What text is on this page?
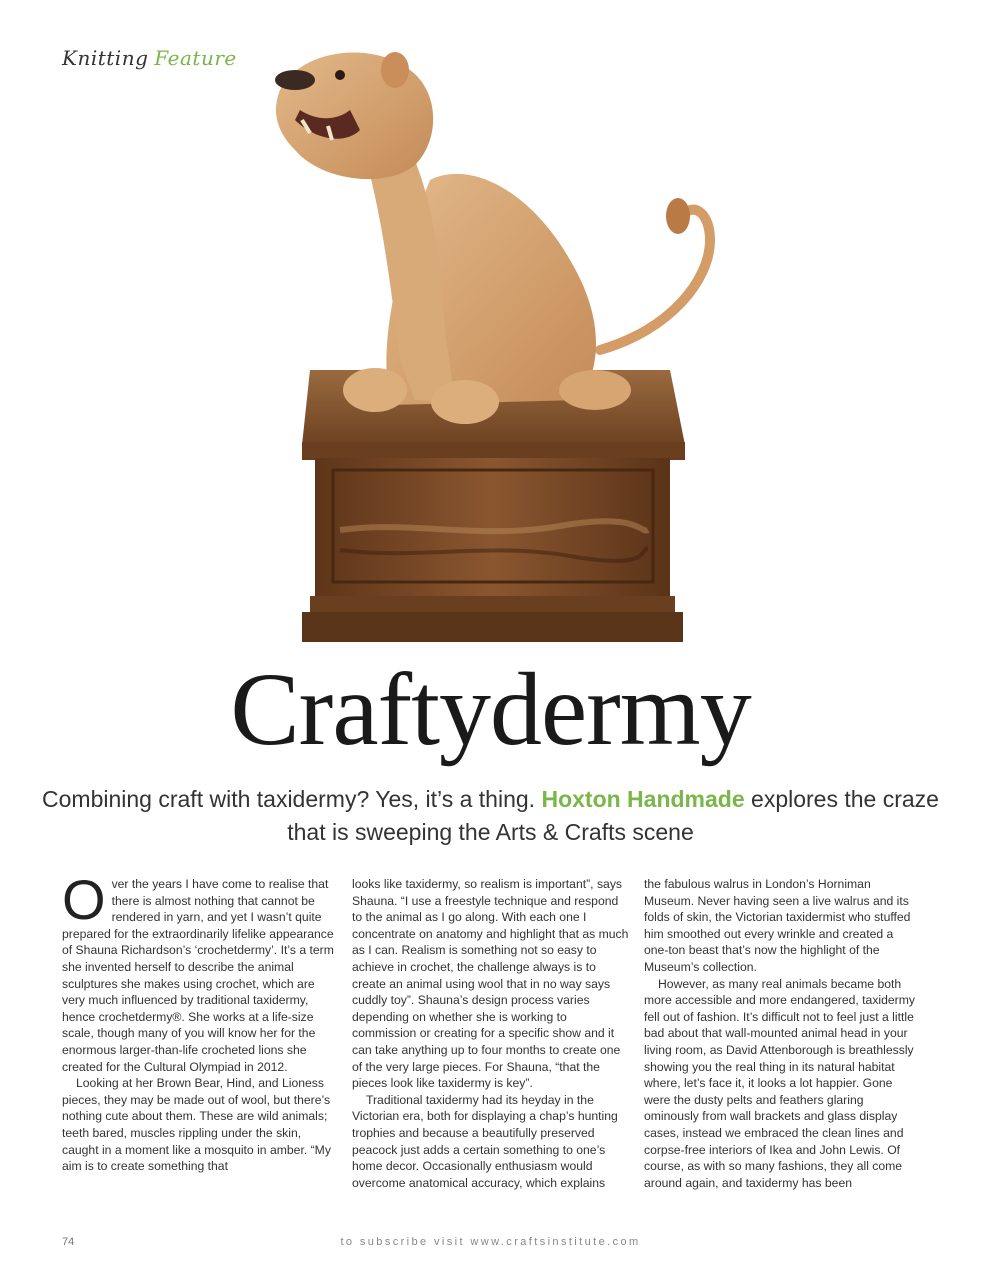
Knitting Feature
Craftydermy
Combining craft with taxidermy? Yes, it’s a thing. Hoxton Handmade explores the craze that is sweeping the Arts & Crafts scene

Over the years I have come to realise that there is almost nothing that cannot be rendered in yarn, and yet I wasn’t quite prepared for the extraordinarily lifelike appearance of Shauna Richardson’s ‘crochetdermy’. It’s a term she invented herself to describe the animal sculptures she makes using crochet, which are very much influenced by traditional taxidermy, hence crochetdermy®. She works at a life-size scale, though many of you will know her for the enormous larger-than-life crocheted lions she created for the Cultural Olympiad in 2012.

Looking at her Brown Bear, Hind, and Lioness pieces, they may be made out of wool, but there’s nothing cute about them. These are wild animals; teeth bared, muscles rippling under the skin, caught in a moment like a mosquito in amber. “My aim is to create something that

looks like taxidermy, so realism is important”, says Shauna. “I use a freestyle technique and respond to the animal as I go along. With each one I concentrate on anatomy and highlight that as much as I can. Realism is something not so easy to achieve in crochet, the challenge always is to create an animal using wool that in no way says cuddly toy”. Shauna’s design process varies depending on whether she is working to commission or creating for a specific show and it can take anything up to four months to create one of the very large pieces. For Shauna, “that the pieces look like taxidermy is key”.

Traditional taxidermy had its heyday in the Victorian era, both for displaying a chap’s hunting trophies and because a beautifully preserved peacock just adds a certain something to one’s home decor. Occasionally enthusiasm would overcome anatomical accuracy, which explains

the fabulous walrus in London’s Horniman Museum. Never having seen a live walrus and its folds of skin, the Victorian taxidermist who stuffed him smoothed out every wrinkle and created a one-ton beast that’s now the highlight of the Museum’s collection.

However, as many real animals became both more accessible and more endangered, taxidermy fell out of fashion. It’s difficult not to feel just a little bad about that wall-mounted animal head in your living room, as David Attenborough is breathlessly showing you the real thing in its natural habitat where, let’s face it, it looks a lot happier. Gone were the dusty pelts and feathers glaring ominously from wall brackets and glass display cases, instead we embraced the clean lines and corpse-free interiors of Ikea and John Lewis. Of course, as with so many fashions, they all come around again, and taxidermy has been

74	to subscribe visit www.craftsinstitute.com
